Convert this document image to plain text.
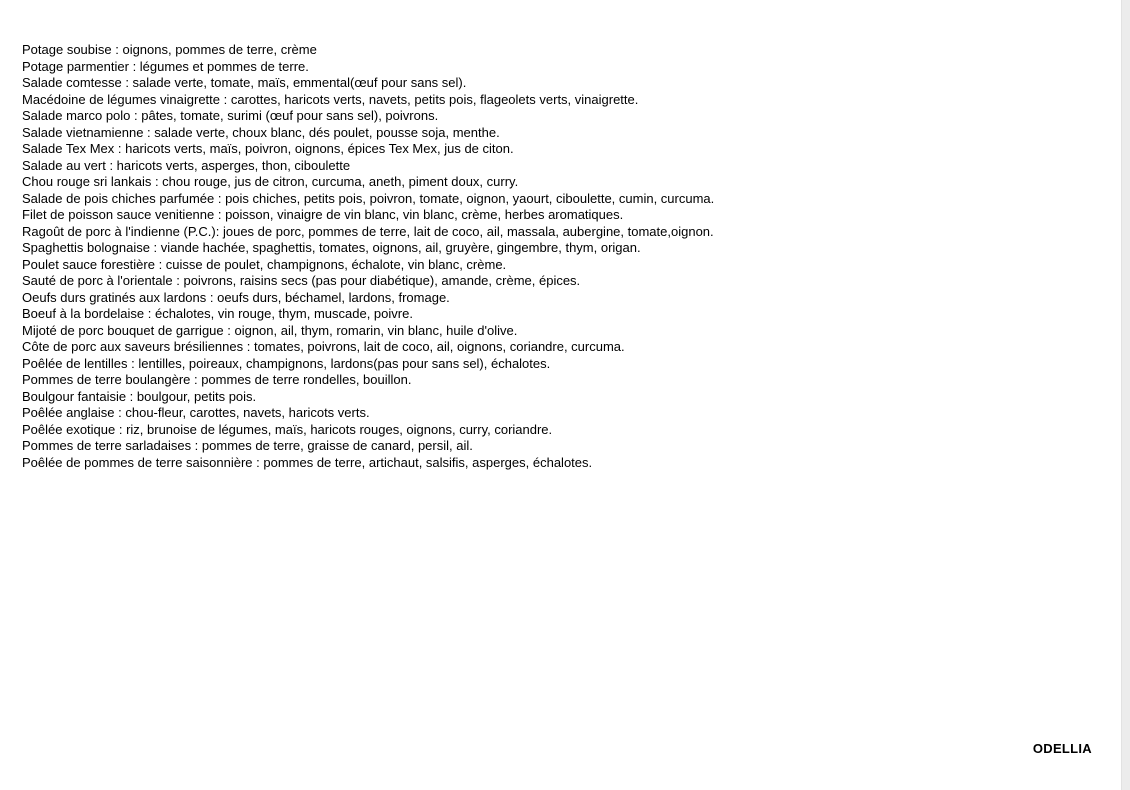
Potage soubise : oignons, pommes de terre, crème
Potage parmentier : légumes et pommes de terre.
Salade comtesse : salade verte, tomate, maïs, emmental(œuf pour sans sel).
Macédoine de légumes vinaigrette : carottes, haricots verts, navets, petits pois, flageolets verts, vinaigrette.
Salade marco polo : pâtes, tomate, surimi (œuf pour sans sel), poivrons.
Salade vietnamienne : salade verte, choux blanc, dés poulet, pousse soja, menthe.
Salade Tex Mex : haricots verts, maïs, poivron, oignons, épices Tex Mex, jus de citon.
Salade au vert : haricots verts, asperges, thon, ciboulette
Chou rouge sri lankais : chou rouge, jus de citron, curcuma, aneth, piment doux, curry.
Salade de pois chiches parfumée : pois chiches, petits pois, poivron, tomate, oignon, yaourt, ciboulette, cumin, curcuma.
Filet de poisson sauce venitienne : poisson, vinaigre de vin blanc, vin blanc, crème, herbes aromatiques.
Ragoût de porc à l'indienne (P.C.): joues de porc, pommes de terre, lait de coco, ail, massala, aubergine, tomate,oignon.
Spaghettis bolognaise : viande hachée, spaghettis, tomates, oignons, ail, gruyère, gingembre, thym, origan.
Poulet sauce forestière : cuisse de poulet, champignons, échalote, vin blanc, crème.
Sauté de porc à l'orientale : poivrons, raisins secs (pas pour diabétique), amande, crème, épices.
Oeufs durs gratinés aux lardons : oeufs durs, béchamel, lardons, fromage.
Boeuf à la bordelaise : échalotes, vin rouge, thym, muscade, poivre.
Mijoté de porc bouquet de garrigue : oignon, ail, thym, romarin, vin blanc, huile d'olive.
Côte de porc aux saveurs brésiliennes : tomates, poivrons, lait de coco, ail, oignons, coriandre, curcuma.
Poêlée de lentilles : lentilles, poireaux, champignons, lardons(pas pour sans sel), échalotes.
Pommes de terre boulangère : pommes de terre rondelles, bouillon.
Boulgour fantaisie : boulgour, petits pois.
Poêlée anglaise : chou-fleur, carottes, navets, haricots verts.
Poêlée exotique : riz, brunoise de légumes, maïs, haricots rouges, oignons, curry, coriandre.
Pommes de terre sarladaises : pommes de terre, graisse de canard, persil, ail.
Poêlée de pommes de terre saisonnière : pommes de terre, artichaut, salsifis, asperges, échalotes.
ODELLIA
